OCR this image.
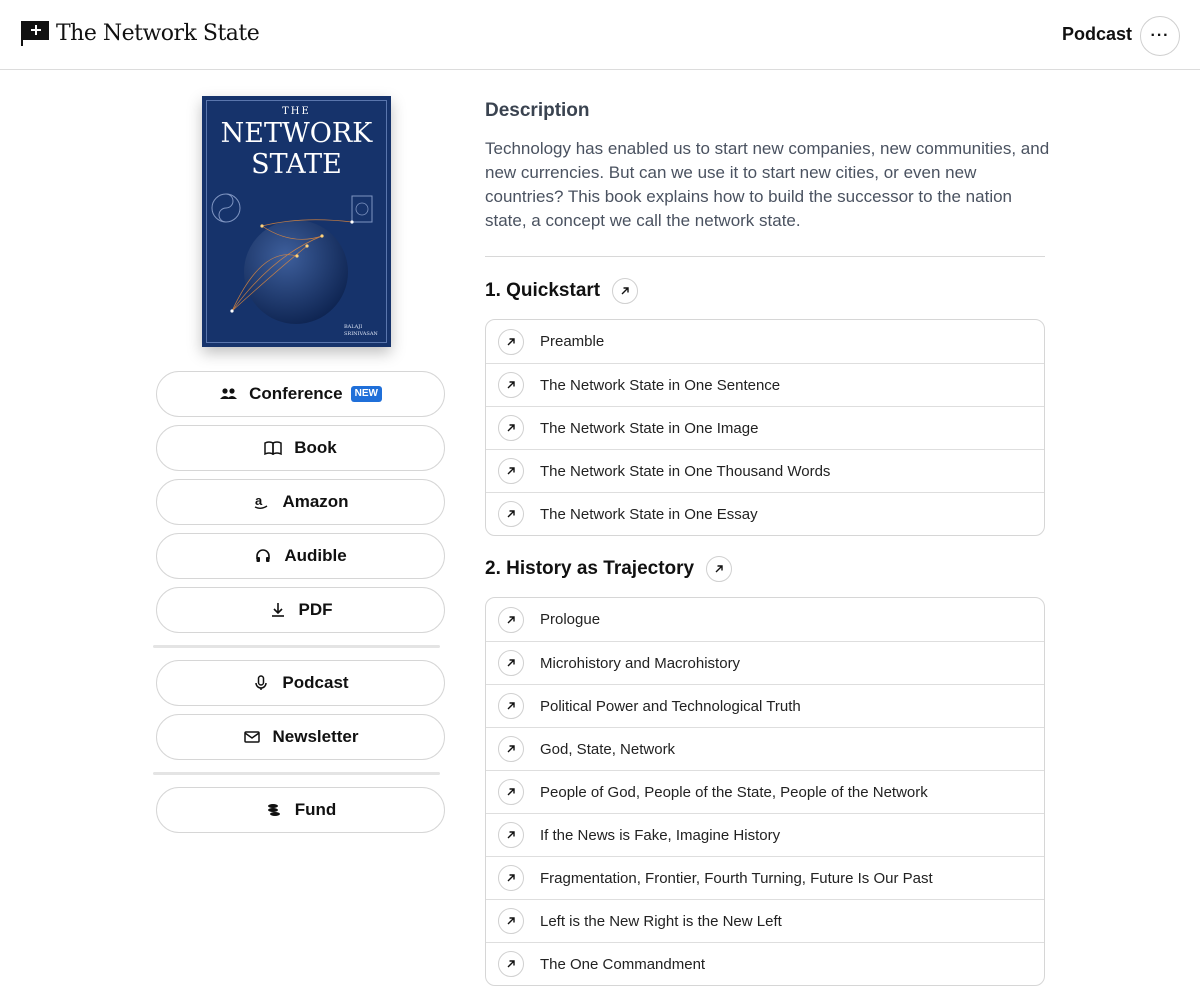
The Network State	Podcast ···
THE
NETWORK
STATE
BALAJI
SRINIVASAN
Conference	NEW
Book
a Amazon
Audible
PDF
Podcast
Newsletter
Fund
Description
Technology has enabled us to start new companies, new communities, and new currencies. But can we use it to start new cities, or even new countries? This book explains how to build the successor to the nation state, a concept we call the network state.
1. Quickstart
Preamble
The Network State in One Sentence
The Network State in One Image
The Network State in One Thousand Words
The Network State in One Essay
2. History as Trajectory
Prologue
Microhistory and Macrohistory
Political Power and Technological Truth
God, State, Network
People of God, People of the State, People of the Network
If the News is Fake, Imagine History
Fragmentation, Frontier, Fourth Turning, Future Is Our Past
Left is the New Right is the New Left
The One Commandment
